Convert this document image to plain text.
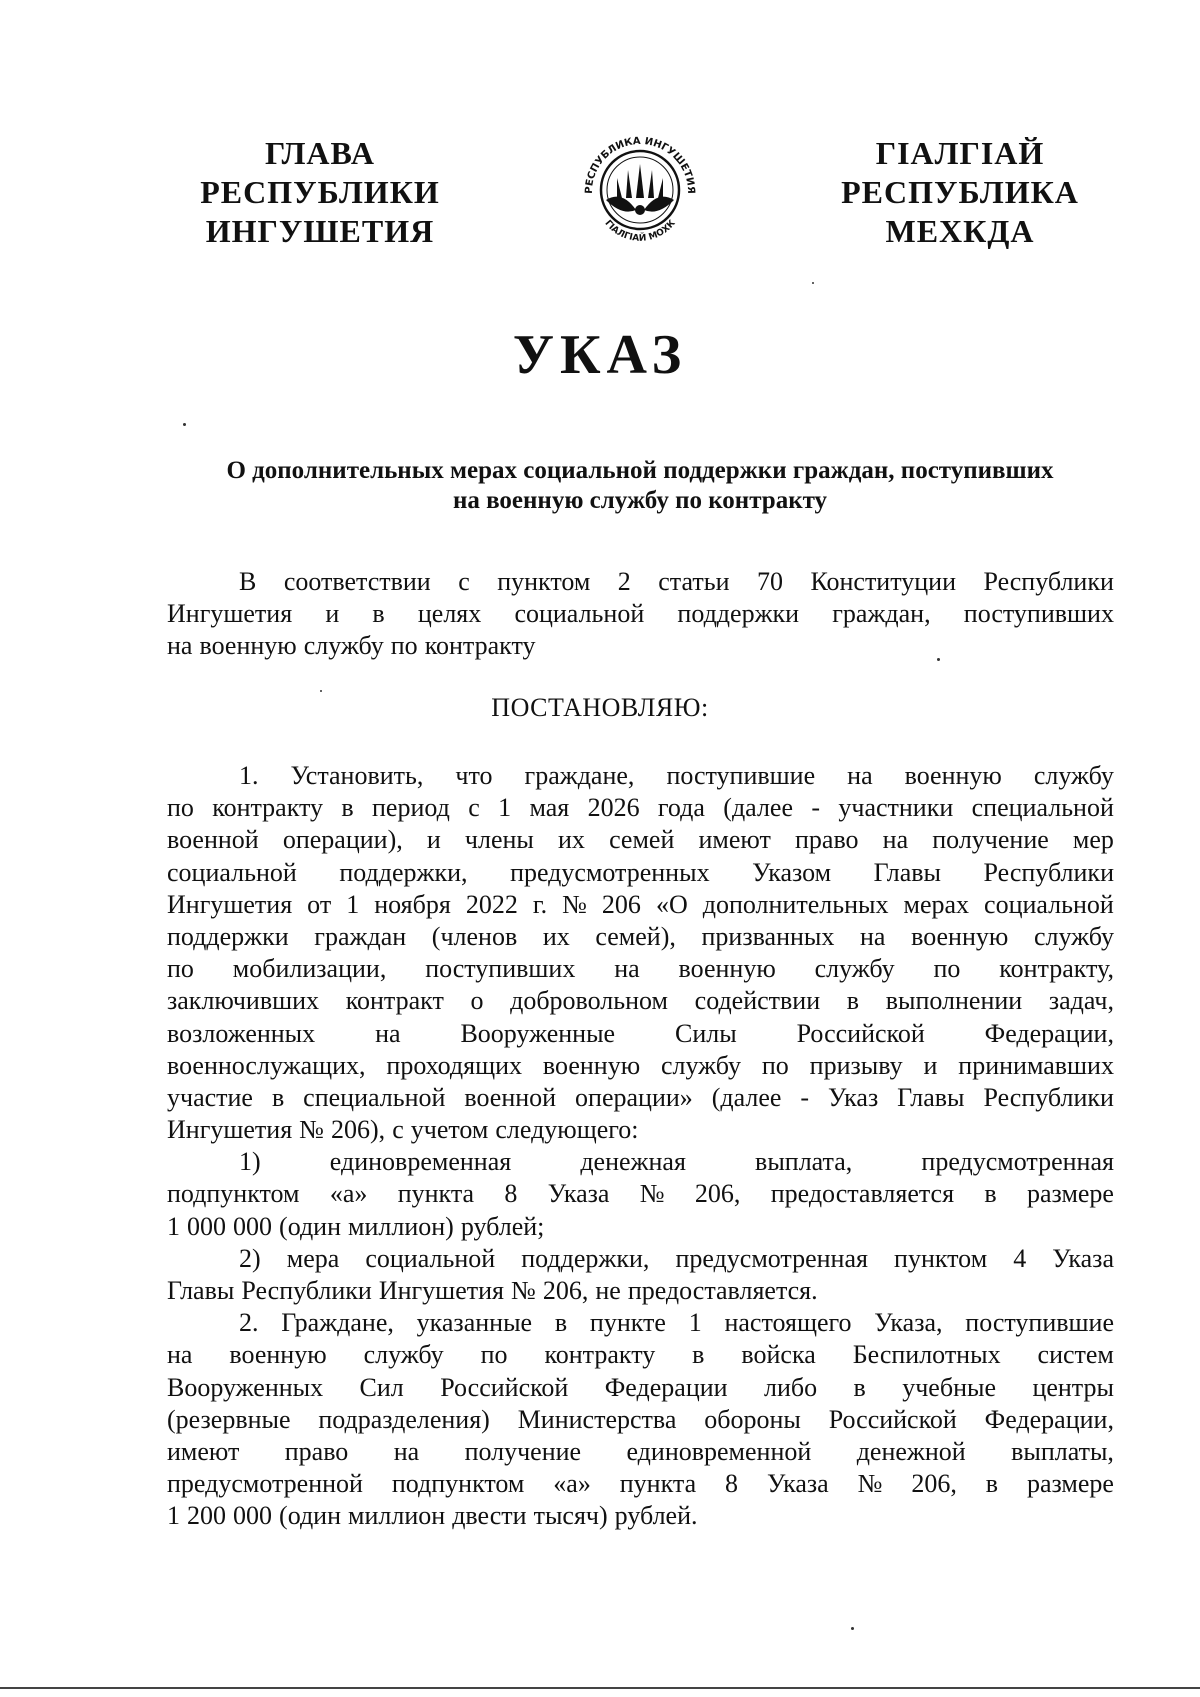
ГЛАВА
РЕСПУБЛИКИ
ИНГУШЕТИЯ
РЕСПУБЛИКА ИНГУШЕТИЯ
ГIАЛГIАЙ МОХК
ГIАЛГIАЙ
РЕСПУБЛИКА
МЕХКДА
УКАЗ
О дополнительных мерах социальной поддержки граждан, поступивших
на военную службу по контракту
В соответствии с пунктом 2 статьи 70 Конституции Республики
Ингушетия и в целях социальной поддержки граждан, поступивших
на военную службу по контракту
ПОСТАНОВЛЯЮ:
1. Установить, что граждане, поступившие на военную службу
по контракту в период с 1 мая 2026 года (далее - участники специальной
военной операции), и члены их семей имеют право на получение мер
социальной поддержки, предусмотренных Указом Главы Республики
Ингушетия от 1 ноября 2022 г. № 206 «О дополнительных мерах социальной
поддержки граждан (членов их семей), призванных на военную службу
по мобилизации, поступивших на военную службу по контракту,
заключивших контракт о добровольном содействии в выполнении задач,
возложенных на Вооруженные Силы Российской Федерации,
военнослужащих, проходящих военную службу по призыву и принимавших
участие в специальной военной операции» (далее - Указ Главы Республики
Ингушетия № 206), с учетом следующего:
1)	единовременная	денежная	выплата,	предусмотренная
подпунктом «а» пункта 8 Указа № 206, предоставляется в размере
1 000 000 (один миллион) рублей;
2) мера социальной поддержки, предусмотренная пунктом 4 Указа
Главы Республики Ингушетия № 206, не предоставляется.
2. Граждане, указанные в пункте 1 настоящего Указа, поступившие
на военную службу по контракту в войска Беспилотных систем
Вооруженных Сил Российской Федерации либо в учебные центры
(резервные подразделения) Министерства обороны Российской Федерации,
имеют право на получение единовременной денежной выплаты,
предусмотренной подпунктом «а» пункта 8 Указа № 206, в размере
1 200 000 (один миллион двести тысяч) рублей.
